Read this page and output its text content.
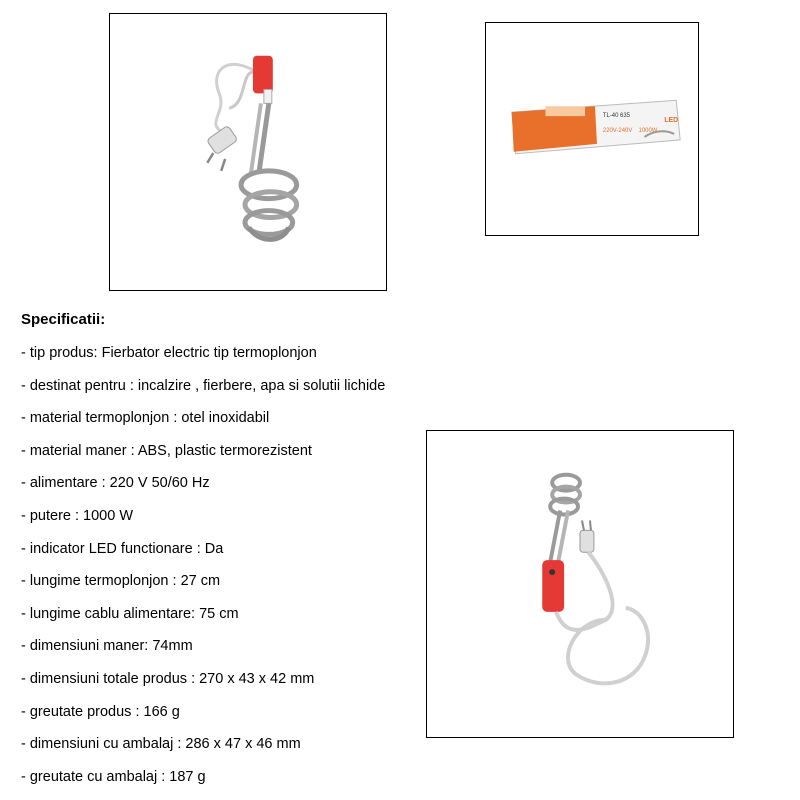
TL-40 635
220V-240V 1000W
LED
Specificatii:
- tip produs: Fierbator electric tip termoplonjon
- destinat pentru : incalzire , fierbere, apa si solutii lichide
- material termoplonjon : otel inoxidabil
- material maner : ABS, plastic termorezistent
- alimentare : 220 V 50/60 Hz
- putere : 1000 W
- indicator LED functionare : Da
- lungime termoplonjon : 27 cm
- lungime cablu alimentare: 75 cm
- dimensiuni maner: 74mm
- dimensiuni totale produs : 270 x 43 x 42 mm
- greutate produs : 166 g
- dimensiuni cu ambalaj : 286 x 47 x 46 mm
- greutate cu ambalaj : 187 g
